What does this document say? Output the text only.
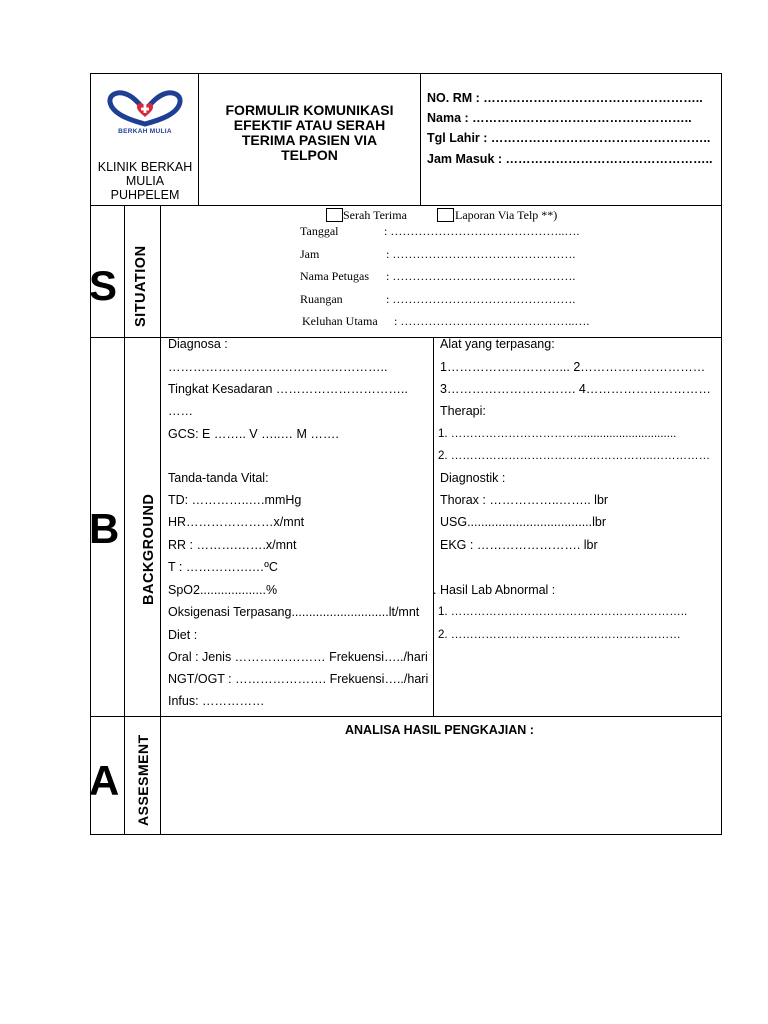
BERKAH MULIA
KLINIK BERKAH
MULIA
PUHPELEM
FORMULIR KOMUNIKASI
EFEKTIF ATAU SERAH
TERIMA PASIEN VIA
TELPON
NO. RM : ……………………………………………..
Nama : ……………………………………………..
Tgl Lahir : ……………………………………………..
Jam Masuk : …………………………………………..
S SITUATION
Serah Terima	Laporan Via Telp **)
Tanggal	: ……………………………………..….
Jam	: ……………………………………….
Nama Petugas : ……………………………………….
Ruangan	: ……………………………………….
Keluhan Utama : ……………………………………..….
B BACKGROUND
Diagnosa :
……………………………………………..
Tingkat Kesadaran …………………………..
……
GCS: E …….. V …..… M …….
Tanda-tanda Vital:
TD: …………..….mmHg
HR…………………x/mnt
RR : ……….…….x/mnt
T : …………….…ºC
SpO2...................%
Oksigenasi Terpasang............................lt/mnt
Diet :
Oral : Jenis ………….……… Frekuensi…../hari
NGT/OGT : …………………. Frekuensi…../hari
Infus: ……………
Alat yang terpasang:
1………………………... 2…………………………
3…………………………. 4…………………………
Therapi:
1. ……………………………...............................
2. ……………………………………………..……………
Diagnostik :
Thorax : ……………..…….. lbr
USG....................................lbr
EKG : ……………………. lbr
. Hasil Lab Abnormal :
1. ……………………………………………………..
2. ……………………………………………………
A ASSESMENT
ANALISA HASIL PENGKAJIAN :
